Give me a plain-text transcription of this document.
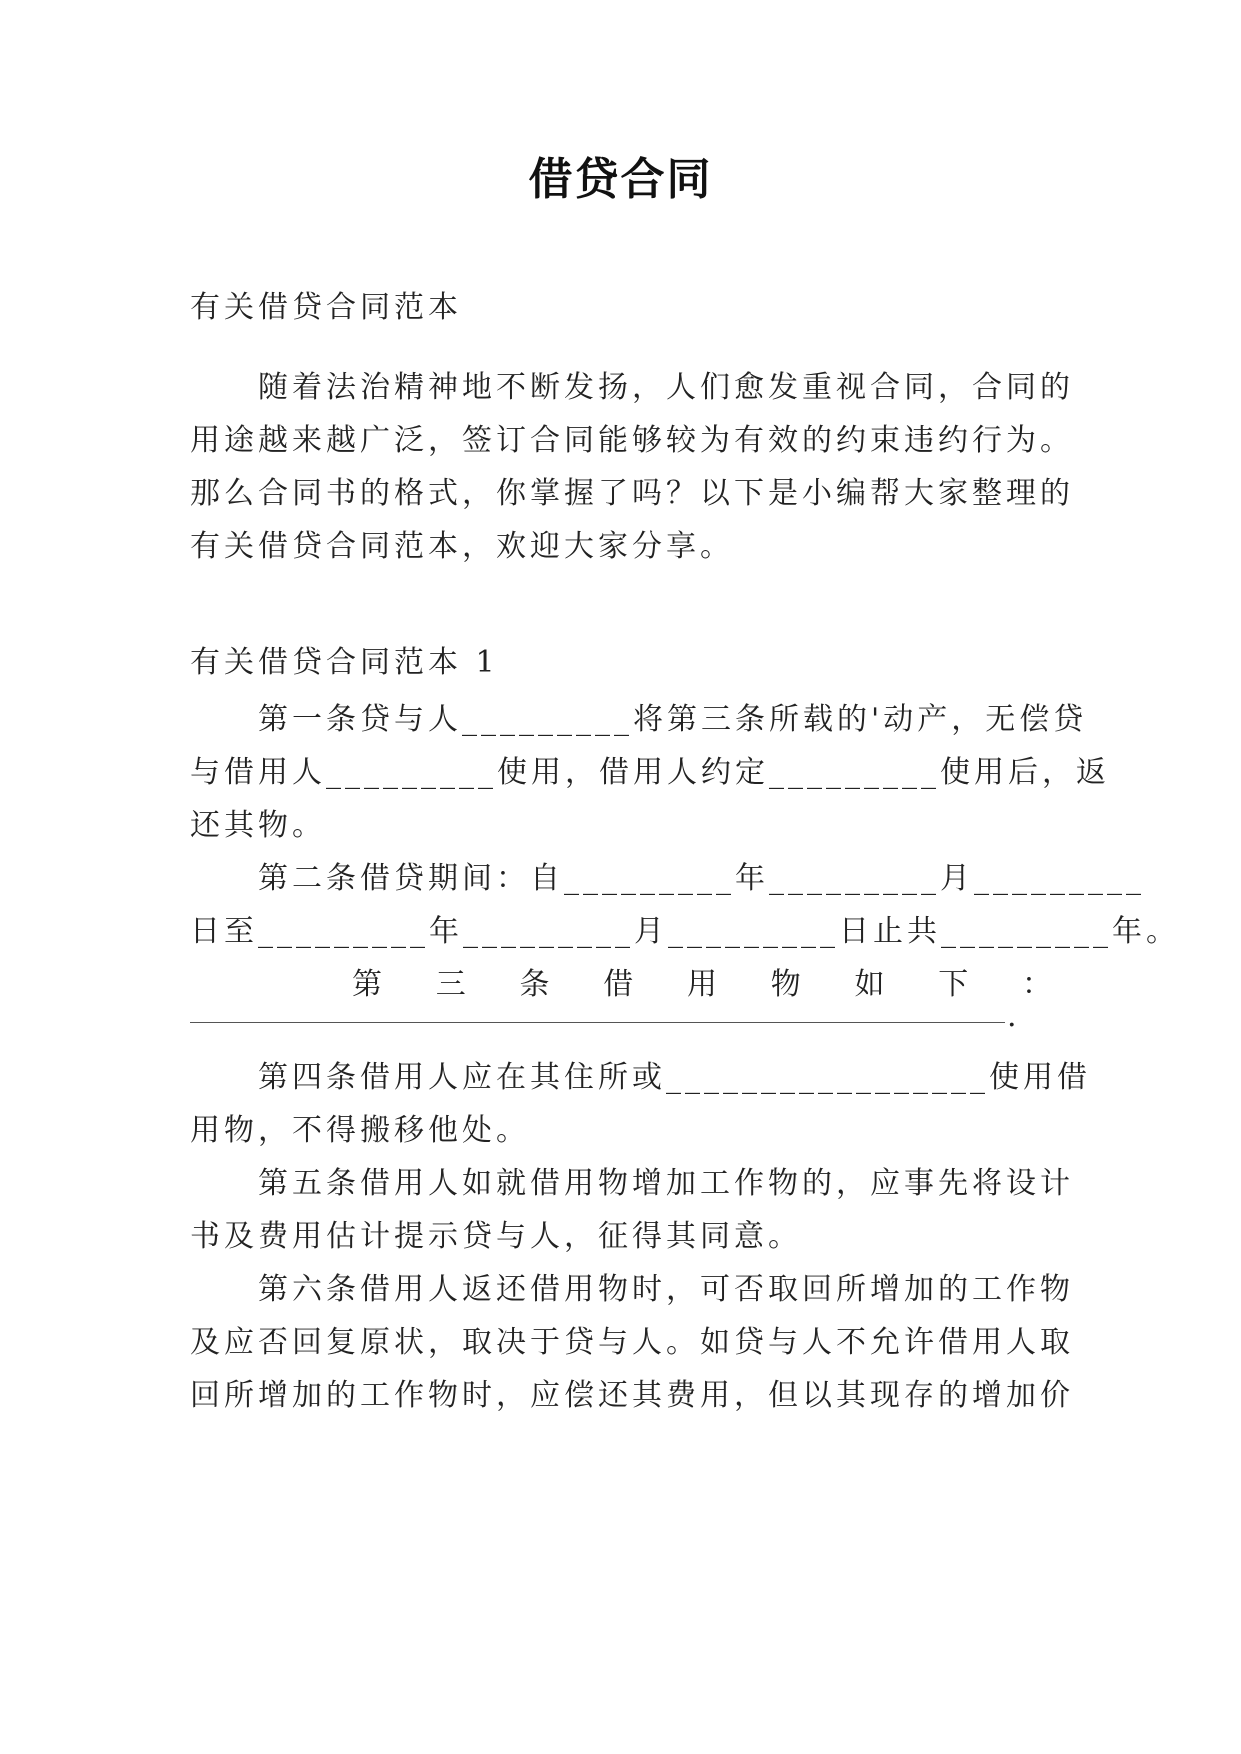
借贷合同
有关借贷合同范本
随着法治精神地不断发扬，人们愈发重视合同，合同的
用途越来越广泛，签订合同能够较为有效的约束违约行为。
那么合同书的格式，你掌握了吗？以下是小编帮大家整理的
有关借贷合同范本，欢迎大家分享。
有关借贷合同范本 1
第一条贷与人_________将第三条所载的'动产，无偿贷
与借用人_________使用，借用人约定_________使用后，返
还其物。
第二条借贷期间：自_________年_________月_________
日至_________年_________月_________日止共_________年。
第 三 条 借 用 物 如 下 ：
.
第四条借用人应在其住所或_________________使用借
用物，不得搬移他处。
第五条借用人如就借用物增加工作物的，应事先将设计
书及费用估计提示贷与人，征得其同意。
第六条借用人返还借用物时，可否取回所增加的工作物
及应否回复原状，取决于贷与人。如贷与人不允许借用人取
回所增加的工作物时，应偿还其费用，但以其现存的增加价
